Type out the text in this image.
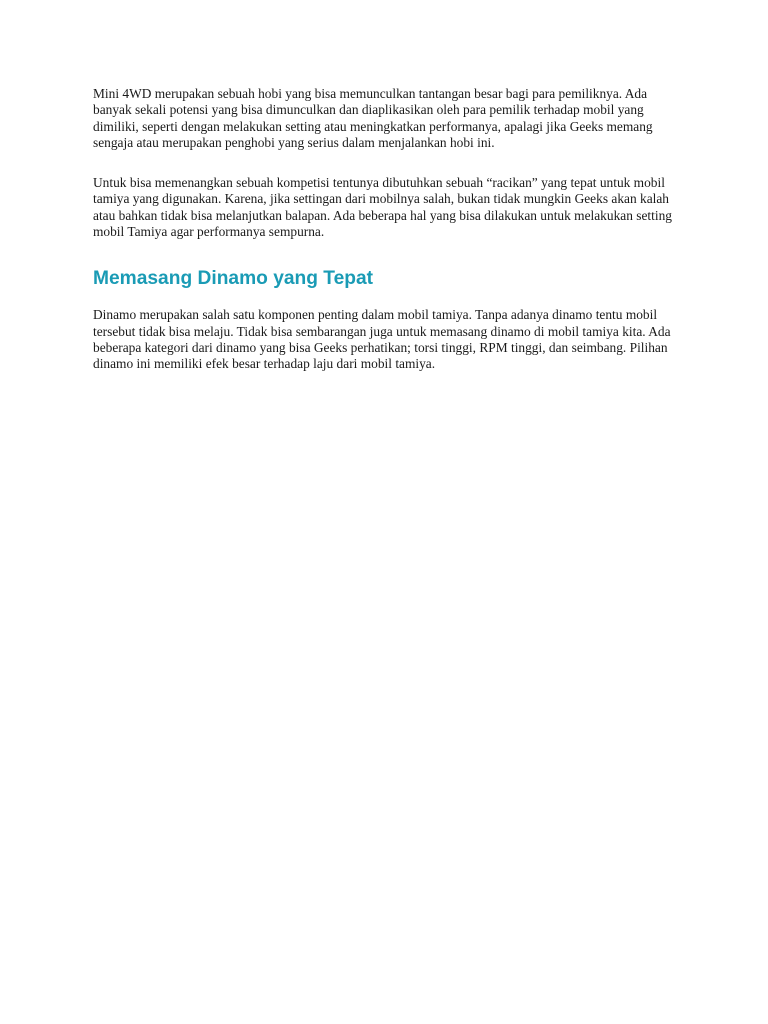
Mini 4WD merupakan sebuah hobi yang bisa memunculkan tantangan besar bagi para pemiliknya. Ada banyak sekali potensi yang bisa dimunculkan dan diaplikasikan oleh para pemilik terhadap mobil yang dimiliki, seperti dengan melakukan setting atau meningkatkan performanya, apalagi jika Geeks memang sengaja atau merupakan penghobi yang serius dalam menjalankan hobi ini.

Untuk bisa memenangkan sebuah kompetisi tentunya dibutuhkan sebuah “racikan” yang tepat untuk mobil tamiya yang digunakan. Karena, jika settingan dari mobilnya salah, bukan tidak mungkin Geeks akan kalah atau bahkan tidak bisa melanjutkan balapan. Ada beberapa hal yang bisa dilakukan untuk melakukan setting mobil Tamiya agar performanya sempurna.

Memasang Dinamo yang Tepat

Dinamo merupakan salah satu komponen penting dalam mobil tamiya. Tanpa adanya dinamo tentu mobil tersebut tidak bisa melaju. Tidak bisa sembarangan juga untuk memasang dinamo di mobil tamiya kita. Ada beberapa kategori dari dinamo yang bisa Geeks perhatikan; torsi tinggi, RPM tinggi, dan seimbang. Pilihan dinamo ini memiliki efek besar terhadap laju dari mobil tamiya.
